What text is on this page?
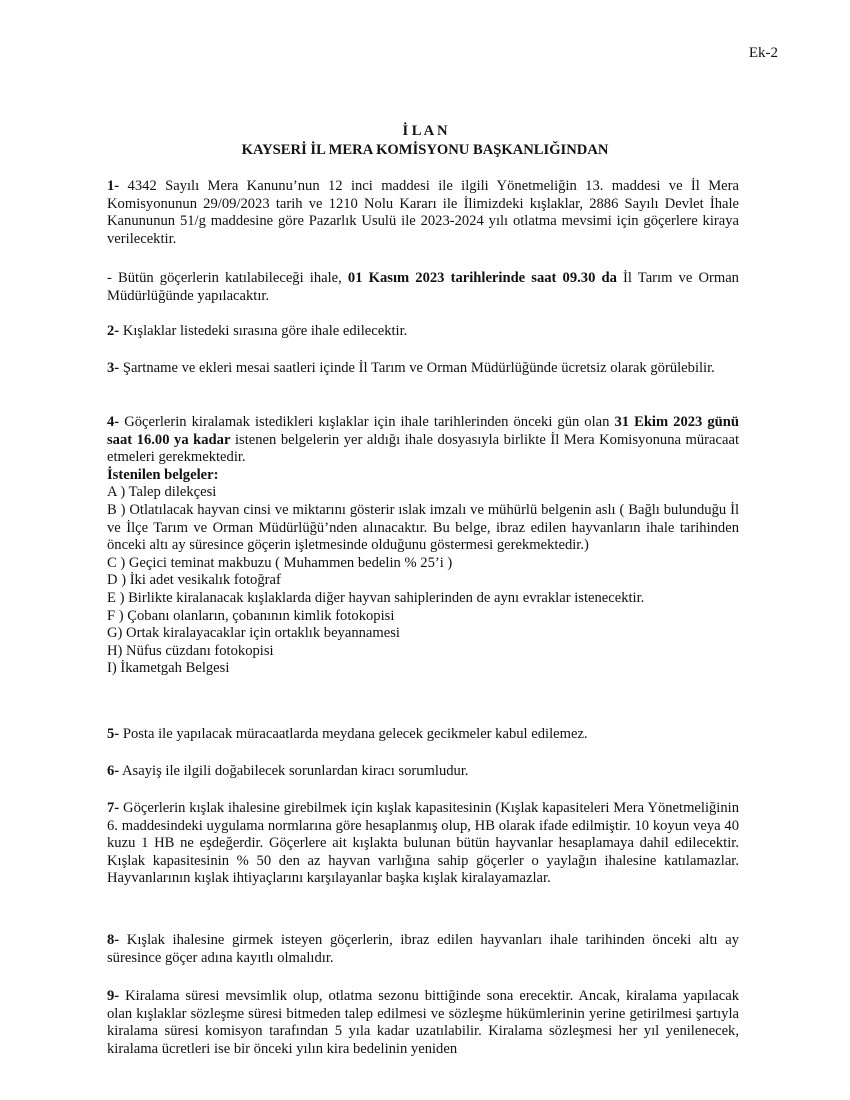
Ek-2
İ L A N
KAYSERİ İL MERA KOMİSYONU BAŞKANLIĞINDAN

1- 4342 Sayılı Mera Kanunu’nun 12 inci maddesi ile ilgili Yönetmeliğin 13. maddesi ve İl Mera Komisyonunun 29/09/2023 tarih ve 1210 Nolu Kararı ile İlimizdeki kışlaklar, 2886 Sayılı Devlet İhale Kanununun 51/g maddesine göre Pazarlık Usulü ile 2023-2024 yılı otlatma mevsimi için göçerlere kiraya verilecektir.

- Bütün göçerlerin katılabileceği ihale, 01 Kasım 2023 tarihlerinde saat 09.30 da İl Tarım ve Orman Müdürlüğünde yapılacaktır.

2- Kışlaklar listedeki sırasına göre ihale edilecektir.

3- Şartname ve ekleri mesai saatleri içinde İl Tarım ve Orman Müdürlüğünde ücretsiz olarak görülebilir.

4- Göçerlerin kiralamak istedikleri kışlaklar için ihale tarihlerinden önceki gün olan 31 Ekim 2023 günü saat 16.00 ya kadar istenen belgelerin yer aldığı ihale dosyasıyla birlikte İl Mera Komisyonuna müracaat etmeleri gerekmektedir.

İstenilen belgeler:

A ) Talep dilekçesi

B ) Otlatılacak hayvan cinsi ve miktarını gösterir ıslak imzalı ve mühürlü belgenin aslı ( Bağlı bulunduğu İl ve İlçe Tarım ve Orman Müdürlüğü’nden alınacaktır. Bu belge, ibraz edilen hayvanların ihale tarihinden önceki altı ay süresince göçerin işletmesinde olduğunu göstermesi gerekmektedir.)

C ) Geçici teminat makbuzu ( Muhammen bedelin % 25’i )

D ) İki adet vesikalık fotoğraf

E ) Birlikte kiralanacak kışlaklarda diğer hayvan sahiplerinden de aynı evraklar istenecektir.

F ) Çobanı olanların, çobanının kimlik fotokopisi

G) Ortak kiralayacaklar için ortaklık beyannamesi

H) Nüfus cüzdanı fotokopisi

I) İkametgah Belgesi

5- Posta ile yapılacak müracaatlarda meydana gelecek gecikmeler kabul edilemez.

6- Asayiş ile ilgili doğabilecek sorunlardan kiracı sorumludur.

7- Göçerlerin kışlak ihalesine girebilmek için kışlak kapasitesinin (Kışlak kapasiteleri Mera Yönetmeliğinin 6. maddesindeki uygulama normlarına göre hesaplanmış olup, HB olarak ifade edilmiştir. 10 koyun veya 40 kuzu 1 HB ne eşdeğerdir. Göçerlere ait kışlakta bulunan bütün hayvanlar hesaplamaya dahil edilecektir. Kışlak kapasitesinin % 50 den az hayvan varlığına sahip göçerler o yaylağın ihalesine katılamazlar. Hayvanlarının kışlak ihtiyaçlarını karşılayanlar başka kışlak kiralayamazlar.

8- Kışlak ihalesine girmek isteyen göçerlerin, ibraz edilen hayvanları ihale tarihinden önceki altı ay süresince göçer adına kayıtlı olmalıdır.

9- Kiralama süresi mevsimlik olup, otlatma sezonu bittiğinde sona erecektir. Ancak, kiralama yapılacak olan kışlaklar sözleşme süresi bitmeden talep edilmesi ve sözleşme hükümlerinin yerine getirilmesi şartıyla kiralama süresi komisyon tarafından 5 yıla kadar uzatılabilir. Kiralama sözleşmesi her yıl yenilenecek, kiralama ücretleri ise bir önceki yılın kira bedelinin yeniden
